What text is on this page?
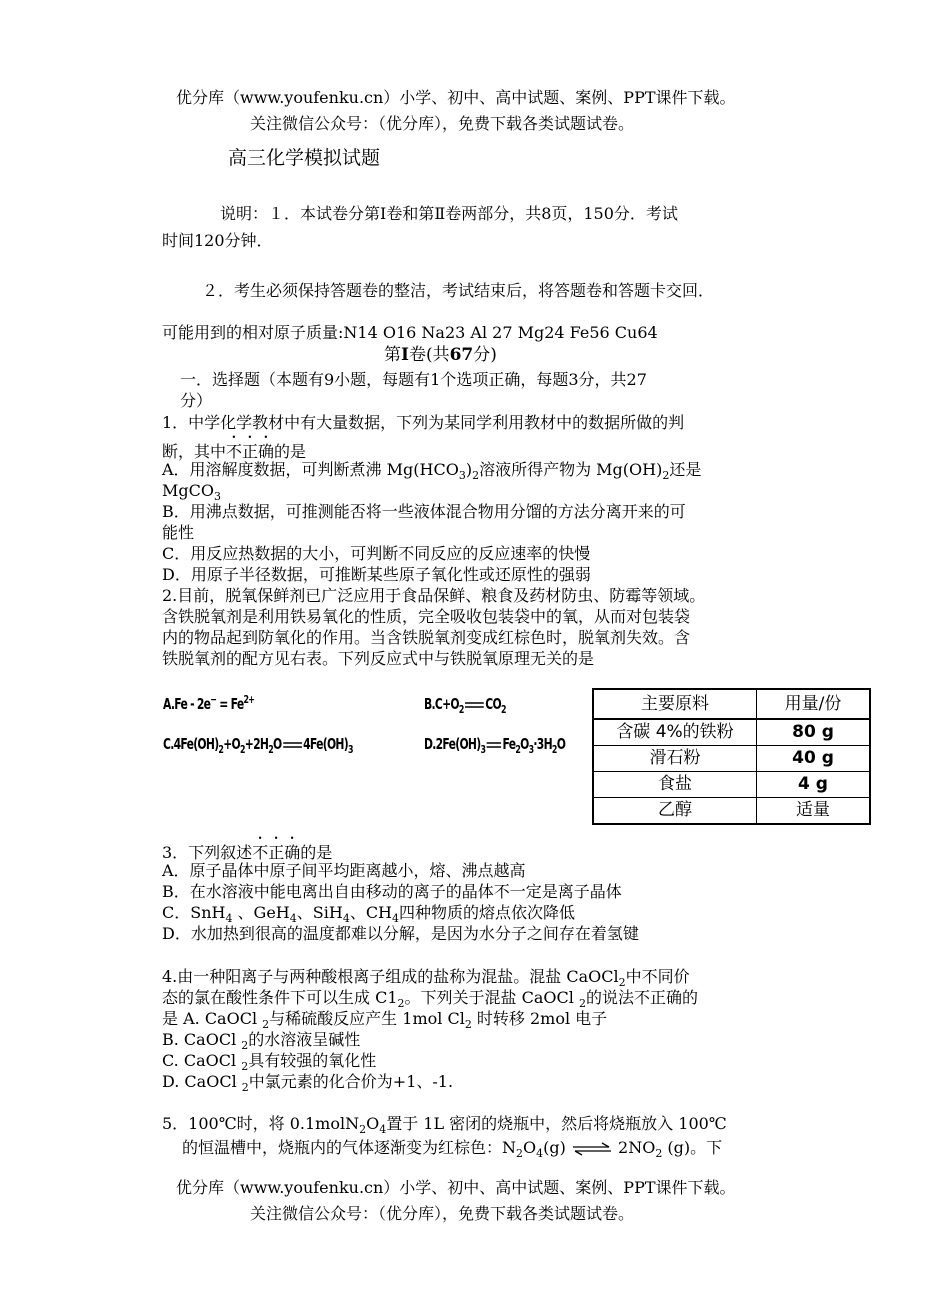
优分库（www.youfenku.cn）小学、初中、高中试题、案例、PPT课件下载。
关注微信公众号：（优分库），免费下载各类试题试卷。
高三化学模拟试题
说明：１．本试卷分第Ⅰ卷和第Ⅱ卷两部分，共8页，150分．考试
时间120分钟．
２．考生必须保持答题卷的整洁，考试结束后，将答题卷和答题卡交回．
可能用到的相对原子质量:N14 O16 Na23 Al 27 Mg24 Fe56 Cu64
第I卷(共67分)
一．选择题（本题有9小题，每题有1个选项正确，每题3分，共27
分）
1．中学化学教材中有大量数据，下列为某同学利用教材中的数据所做的判
断，其中不正确的是
A．用溶解度数据，可判断煮沸 $Mg(HCO_3)_2$溶液所得产物为 $Mg(OH)_2$还是
MgCO$_3$
B．用沸点数据，可推测能否将一些液体混合物用分馏的方法分离开来的可
能性
C．用反应热数据的大小，可判断不同反应的反应速率的快慢
D．用原子半径数据，可推断某些原子氧化性或还原性的强弱
2.目前，脱氧保鲜剂已广泛应用于食品保鲜、粮食及药材防虫、防霉等领域。
含铁脱氧剂是利用铁易氧化的性质，完全吸收包装袋中的氧，从而对包装袋
内的物品起到防氧化的作用。当含铁脱氧剂变成红棕色时，脱氧剂失效。含
铁脱氧剂的配方见右表。下列反应式中与铁脱氧原理无关的是
$A.Fe - 2e^- = Fe^{2+}$	$B.C+O_2$ $CO_2$
$C.4Fe(OH)_2+O_2+2H_2O$ $4Fe(OH)_3$	$D.2Fe(OH)_3$ $Fe_2O_3\cdot 3H_2O$
主要原料	用量/份
含碳 4%的铁粉	80 g
滑石粉	40 g
食盐	4 g
乙醇	适量
3．下列叙述不正确的是
A．原子晶体中原子间平均距离越小，熔、沸点越高
B．在水溶液中能电离出自由移动的离子的晶体不一定是离子晶体
C．SnH$_4$ 、GeH$_4$、SiH$_4$、$CH_4$四种物质的熔点依次降低
D．水加热到很高的温度都难以分解，是因为水分子之间存在着氢键
4.由一种阳离子与两种酸根离子组成的盐称为混盐。混盐 CaOCl$_2$中不同价
态的氯在酸性条件下可以生成 $C1_2$。下列关于混盐 CaOCl $_2$的说法不正确的
是 A. CaOCl $_2$与稀硫酸反应产生 1mol $Cl_2$ 时转移 2mol 电子
B. CaOCl $_2$的水溶液呈碱性
C. CaOCl $_2$具有较强的氧化性
D. CaOCl $_2$中氯元素的化合价为+1、-1.
5．100℃时，将 $0.1molN_2O_4$置于 1L 密闭的烧瓶中，然后将烧瓶放入 100℃
的恒温槽中，烧瓶内的气体逐渐变为红棕色：$N_2O_4(g)$ ⇌ $2NO_2$ (g)。下
优分库（www.youfenku.cn）小学、初中、高中试题、案例、PPT课件下载。
关注微信公众号：（优分库），免费下载各类试题试卷。
